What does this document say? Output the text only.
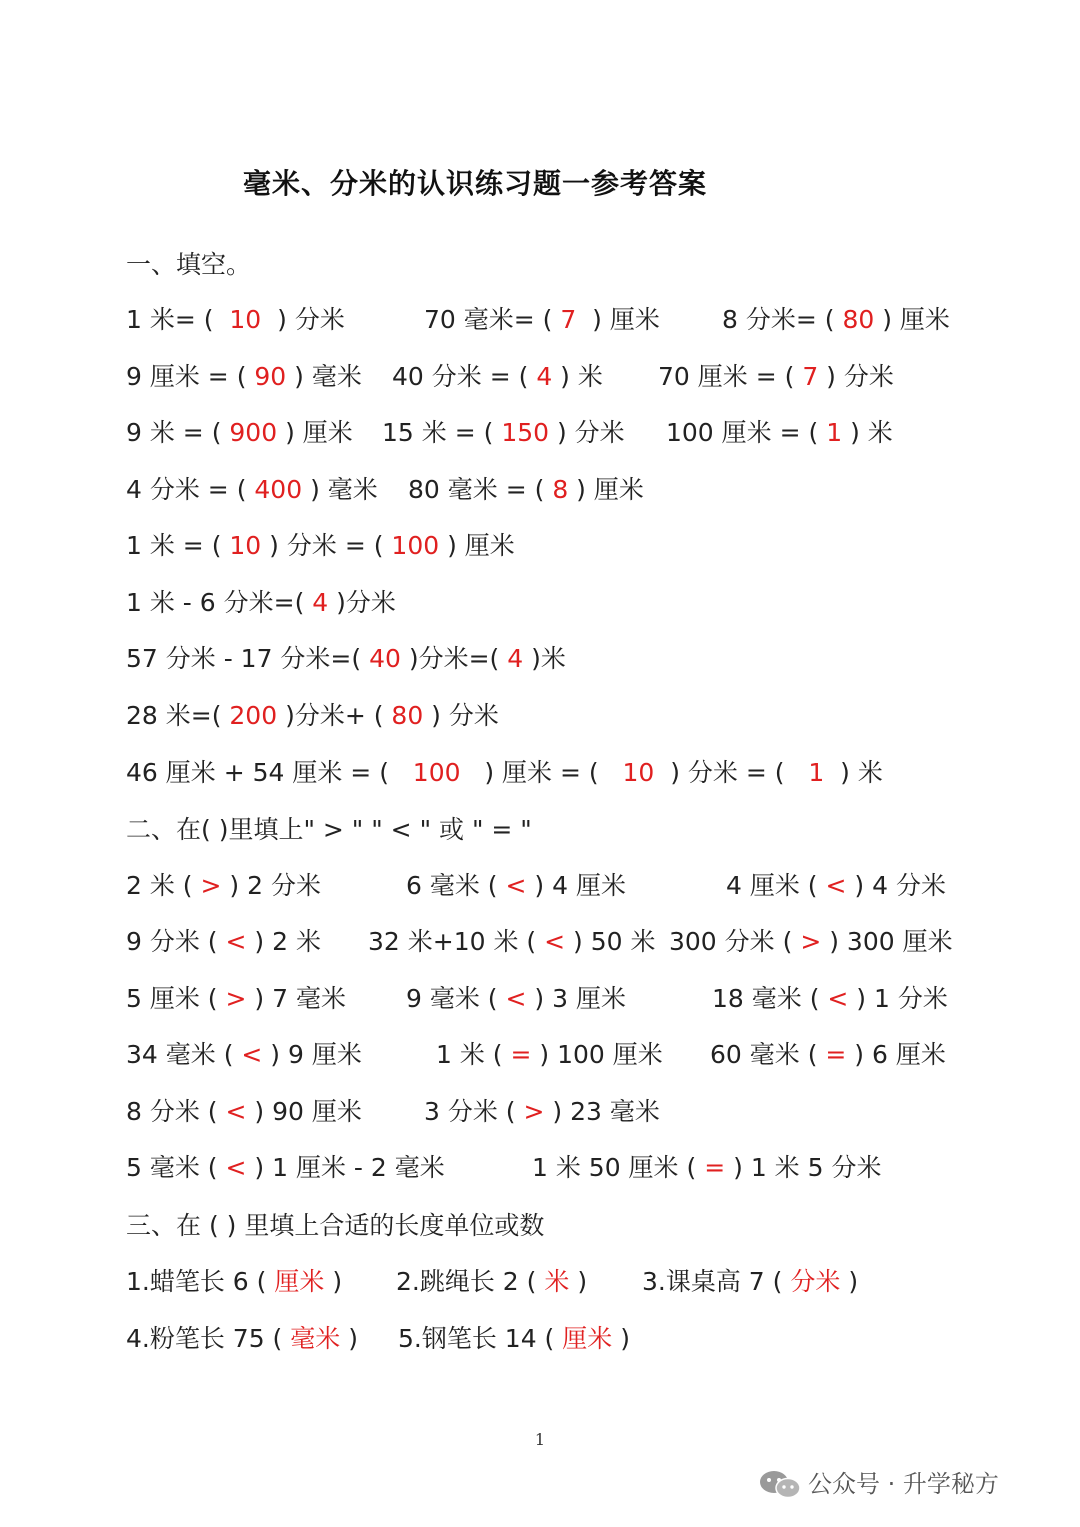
毫米、分米的认识练习题一参考答案
一、填空。
1 米= (  10  ) 分米	70 毫米= ( 7  ) 厘米 8 分米= ( 80 ) 厘米
9 厘米 = ( 90 ) 毫米 40 分米 = ( 4 ) 米 70 厘米 = ( 7 ) 分米
9 米 = ( 900 ) 厘米 15 米 = ( 150 ) 分米 100 厘米 = ( 1 ) 米
4 分米 = ( 400 ) 毫米 80 毫米 = ( 8 ) 厘米
1 米 = ( 10 ) 分米 = ( 100 ) 厘米
1 米 - 6 分米=( 4 )分米
57 分米 - 17 分米=( 40 )分米=( 4 )米
28 米=( 200 )分米+ ( 80 ) 分米
46 厘米 + 54 厘米 = (   100   ) 厘米 = (   10  ) 分米 = (   1  ) 米
二、在( )里填上" > " " < " 或 " = "
2 米 ( > ) 2 分米	6 毫米 ( < ) 4 厘米	4 厘米 ( < ) 4 分米
9 分米 ( < ) 2 米 32 米+10 米 ( < ) 50 米 300 分米 ( > ) 300 厘米
5 厘米 ( > ) 7 毫米 9 毫米 ( < ) 3 厘米	18 毫米 ( < ) 1 分米
34 毫米 ( < ) 9 厘米	1 米 ( = ) 100 厘米 60 毫米 ( = ) 6 厘米
8 分米 ( < ) 90 厘米 3 分米 ( > ) 23 毫米
5 毫米 ( < ) 1 厘米 - 2 毫米	1 米 50 厘米 ( = ) 1 米 5 分米
三、在 ( ) 里填上合适的长度单位或数
1.蜡笔长 6 ( 厘米 ) 2.跳绳长 2 ( 米 ) 3.课桌高 7 ( 分米 )
4.粉笔长 75 ( 毫米 ) 5.钢笔长 14 ( 厘米 )
1
公众号 · 升学秘方
